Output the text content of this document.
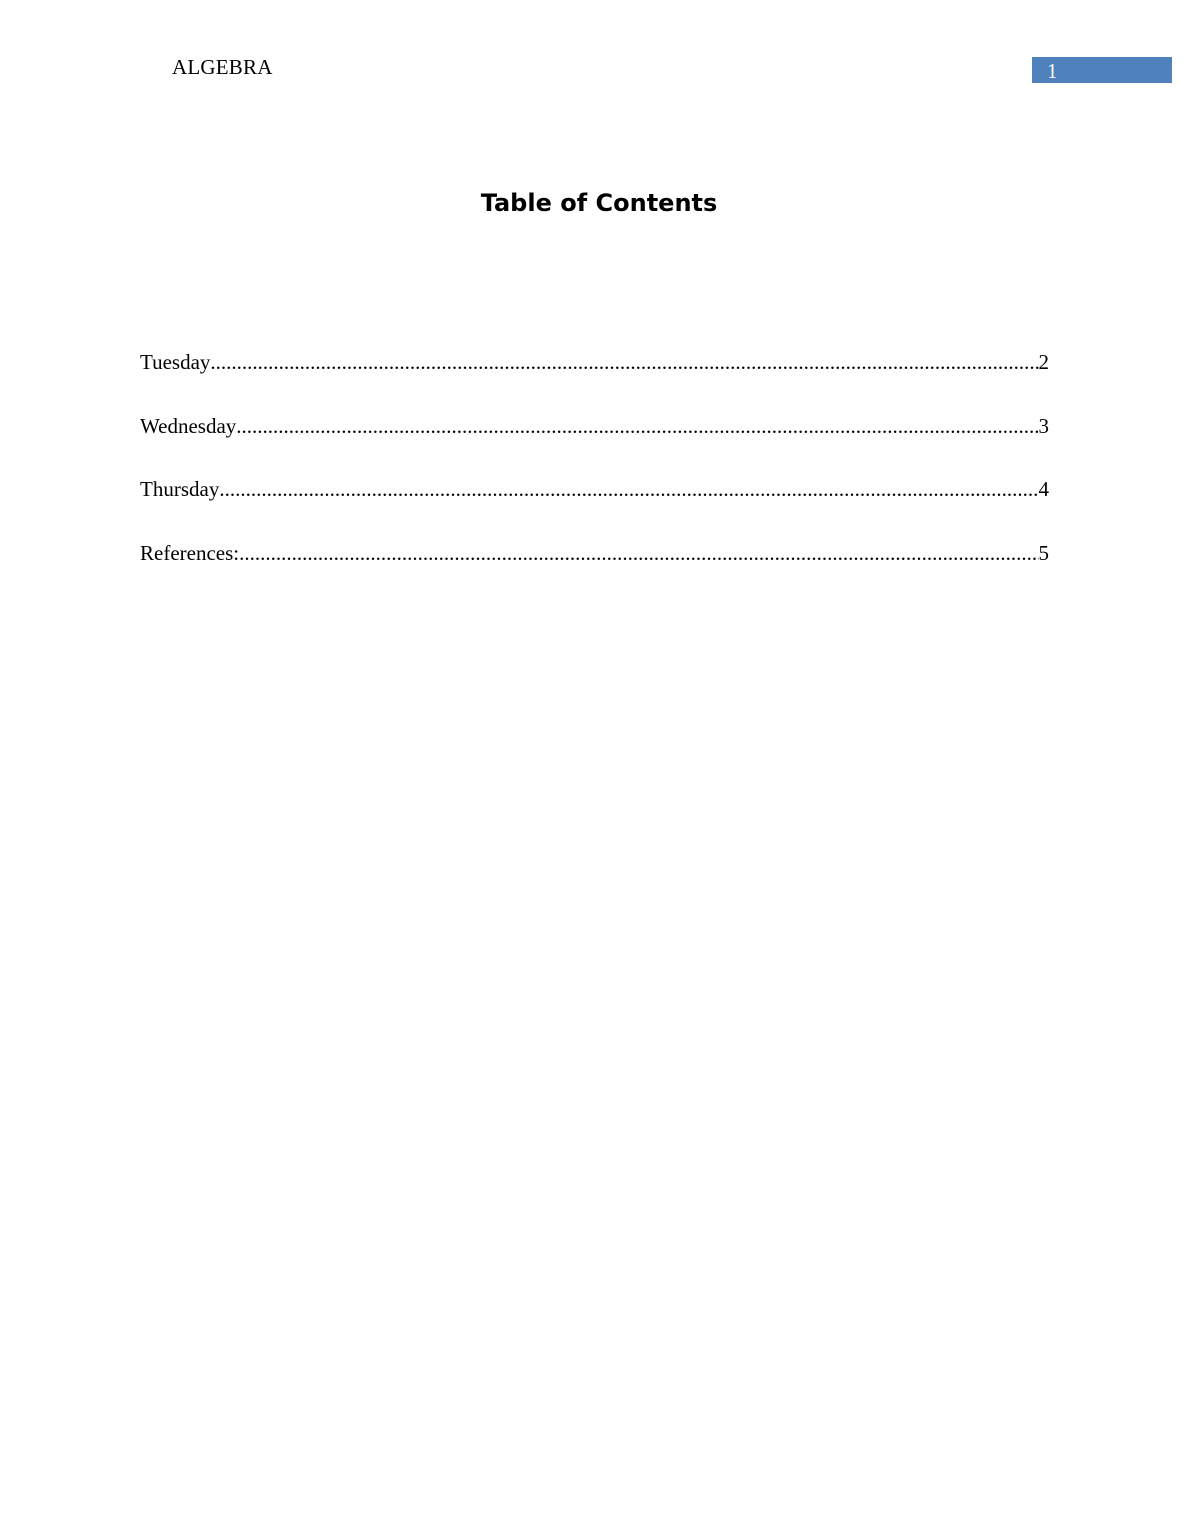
ALGEBRA	1
Table of Contents
Tuesday .....	2
Wednesday .....	3
Thursday .....	4
References: .....	5
